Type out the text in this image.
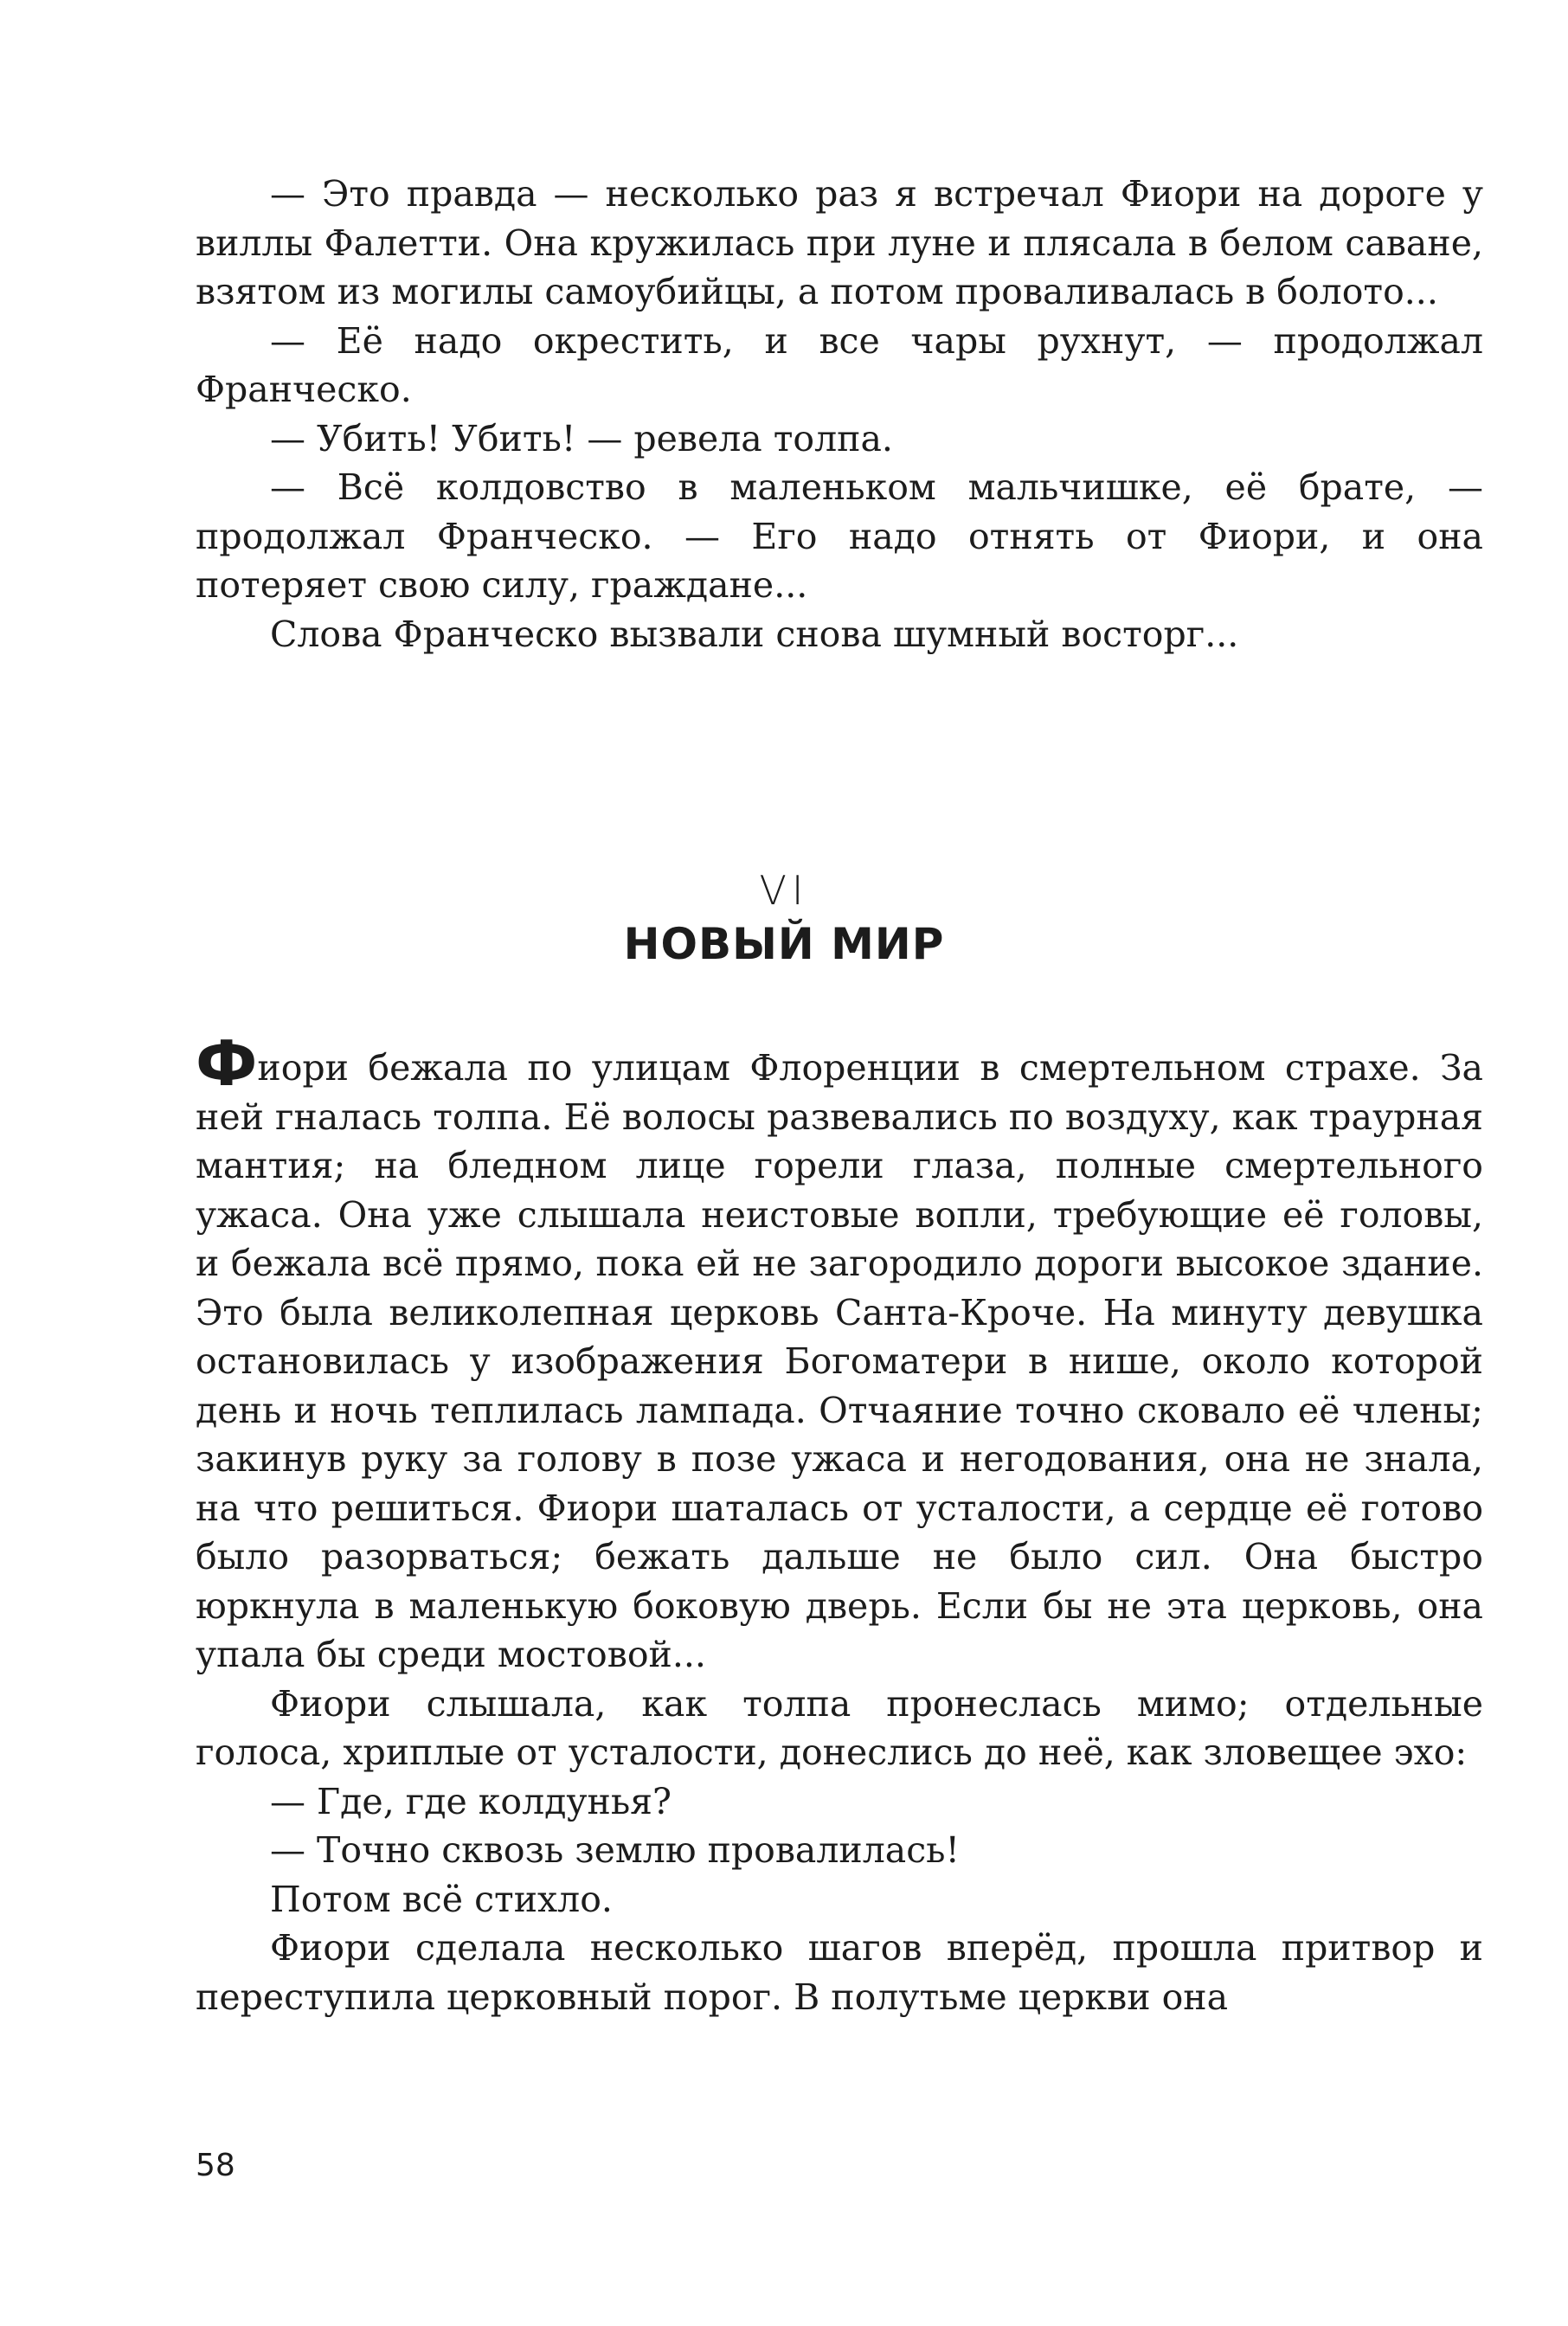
— Это правда — несколько раз я встречал Фиори на дороге у виллы Фалетти. Она кружилась при луне и плясала в белом саване, взятом из могилы самоубийцы, а потом проваливалась в болото...

— Её надо окрестить, и все чары рухнут, — продолжал Франческо.

— Убить! Убить! — ревела толпа.

— Всё колдовство в маленьком мальчишке, её брате, — продолжал Франческо. — Его надо отнять от Фиори, и она потеряет свою силу, граждане...

Слова Франческо вызвали снова шумный восторг...

VI
НОВЫЙ МИР

Фиори бежала по улицам Флоренции в смертельном страхе. За ней гналась толпа. Её волосы развевались по воздуху, как траурная мантия; на бледном лице горели глаза, полные смертельного ужаса. Она уже слышала неистовые вопли, требующие её головы, и бежала всё прямо, пока ей не загородило дороги высокое здание. Это была великолепная церковь Санта-Кроче. На минуту девушка остановилась у изображения Богоматери в нише, около которой день и ночь теплилась лампада. Отчаяние точно сковало её члены; закинув руку за голову в позе ужаса и негодования, она не знала, на что решиться. Фиори шаталась от усталости, а сердце её готово было разорваться; бежать дальше не было сил. Она быстро юркнула в маленькую боковую дверь. Если бы не эта церковь, она упала бы среди мостовой...

Фиори слышала, как толпа пронеслась мимо; отдельные голоса, хриплые от усталости, донеслись до неё, как зловещее эхо:

— Где, где колдунья?

— Точно сквозь землю провалилась!

Потом всё стихло.

Фиори сделала несколько шагов вперёд, прошла притвор и переступила церковный порог. В полутьме церкви она

58
